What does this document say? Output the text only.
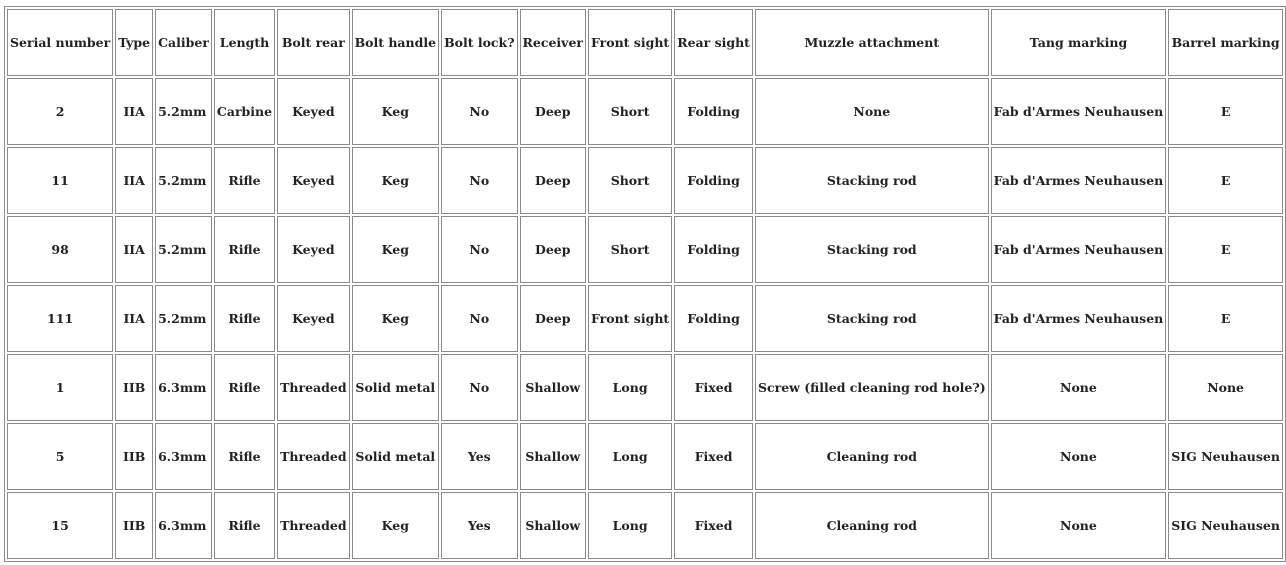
Serial number	Type	Caliber	Length	Bolt rear	Bolt handle	Bolt lock?	Receiver	Front sight	Rear sight	Muzzle attachment	Tang marking	Barrel marking
2	IIA	5.2mm	Carbine	Keyed	Keg	No	Deep	Short	Folding	None	Fab d'Armes Neuhausen	E
11	IIA	5.2mm	Rifle	Keyed	Keg	No	Deep	Short	Folding	Stacking rod	Fab d'Armes Neuhausen	E
98	IIA	5.2mm	Rifle	Keyed	Keg	No	Deep	Short	Folding	Stacking rod	Fab d'Armes Neuhausen	E
111	IIA	5.2mm	Rifle	Keyed	Keg	No	Deep	Front sight	Folding	Stacking rod	Fab d'Armes Neuhausen	E
1	IIB	6.3mm	Rifle	Threaded	Solid metal	No	Shallow	Long	Fixed	Screw (filled cleaning rod hole?)	None	None
5	IIB	6.3mm	Rifle	Threaded	Solid metal	Yes	Shallow	Long	Fixed	Cleaning rod	None	SIG Neuhausen
15	IIB	6.3mm	Rifle	Threaded	Keg	Yes	Shallow	Long	Fixed	Cleaning rod	None	SIG Neuhausen
